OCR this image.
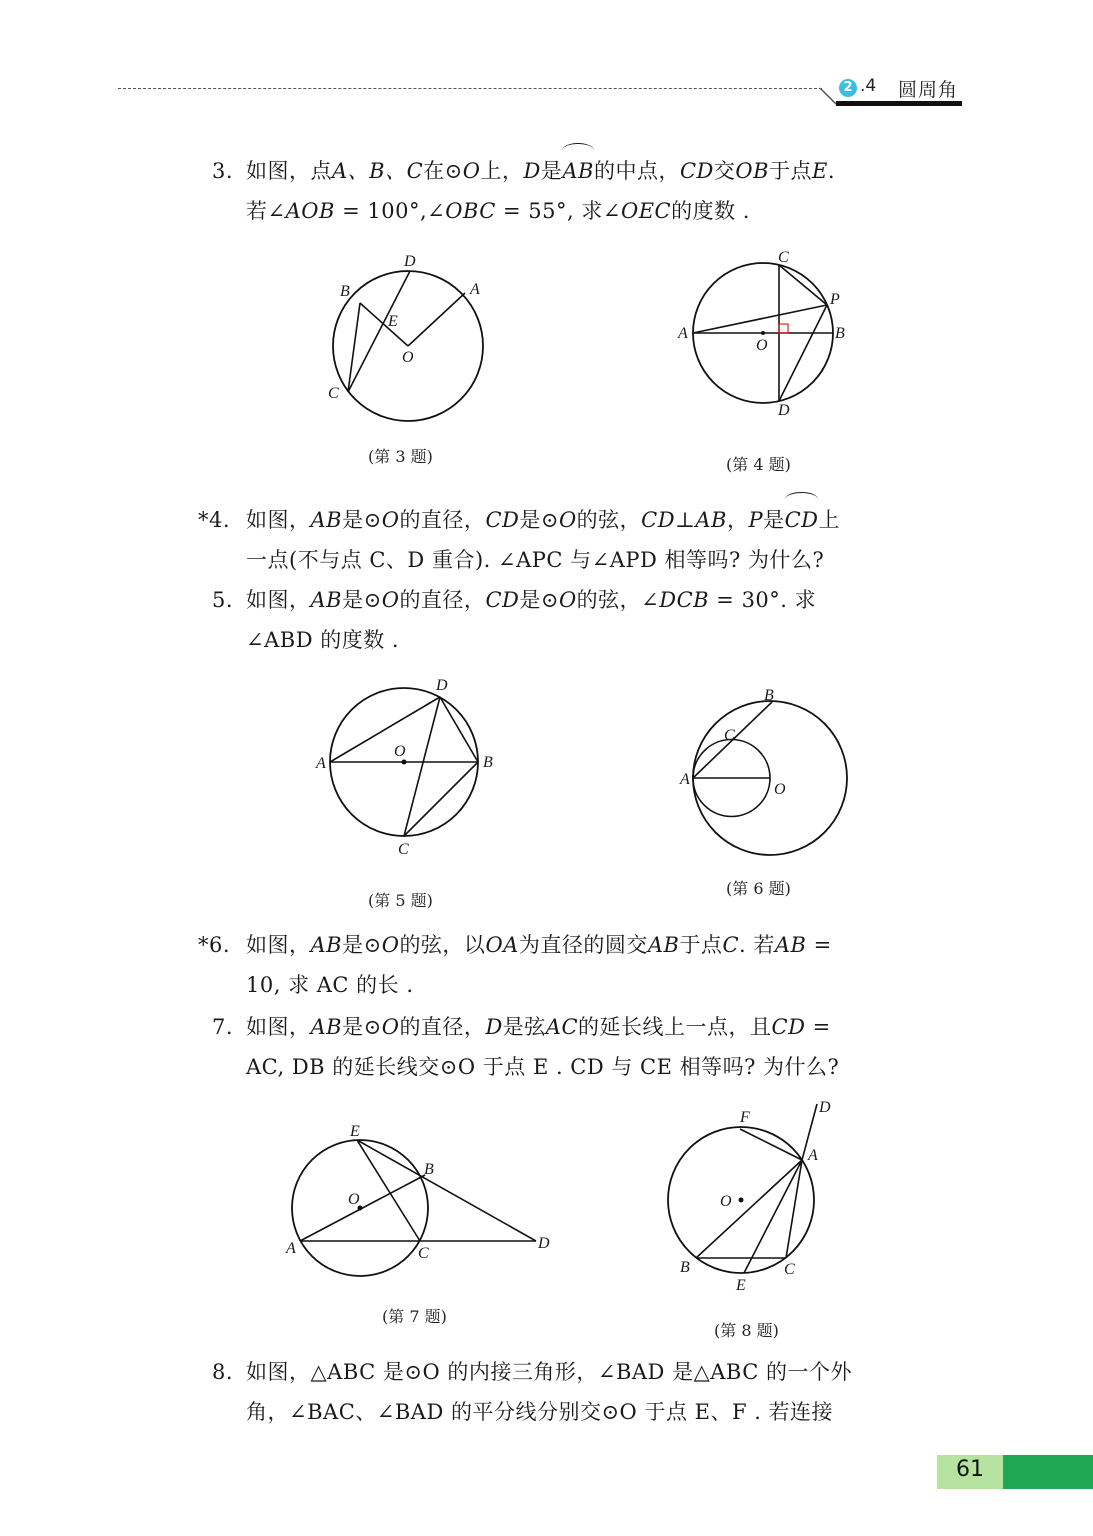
2 .4 圆周角
3. 如图，点A、B、C在⊙O上，D是AB的中点，CD交OB于点E.
若∠AOB = 100°,∠OBC = 55°, 求∠OEC的度数 .
D
A
B
E
O
C
(第 3 题)
C
P
A
O
B
D
(第 4 题)
*4. 如图，AB是⊙O的直径，CD是⊙O的弦，CD⊥AB，P是CD上
一点(不与点 C、D 重合). ∠APC 与∠APD 相等吗? 为什么?
5. 如图，AB是⊙O的直径，CD是⊙O的弦，∠DCB = 30°. 求
∠ABD 的度数 .
D
O
A	B
C
(第 5 题)
B
C
A
O
(第 6 题)
*6. 如图，AB是⊙O的弦，以OA为直径的圆交AB于点C. 若AB =
10, 求 AC 的长 .
7. 如图，AB是⊙O的直径，D是弦AC的延长线上一点，且CD =
AC, DB 的延长线交⊙O 于点 E . CD 与 CE 相等吗? 为什么?
E
B
O
A	C
D
(第 7 题)
F
D
A
O
B
E
C
(第 8 题)
8. 如图，△ABC 是⊙O 的内接三角形，∠BAD 是△ABC 的一个外
角，∠BAC、∠BAD 的平分线分别交⊙O 于点 E、F . 若连接
61
